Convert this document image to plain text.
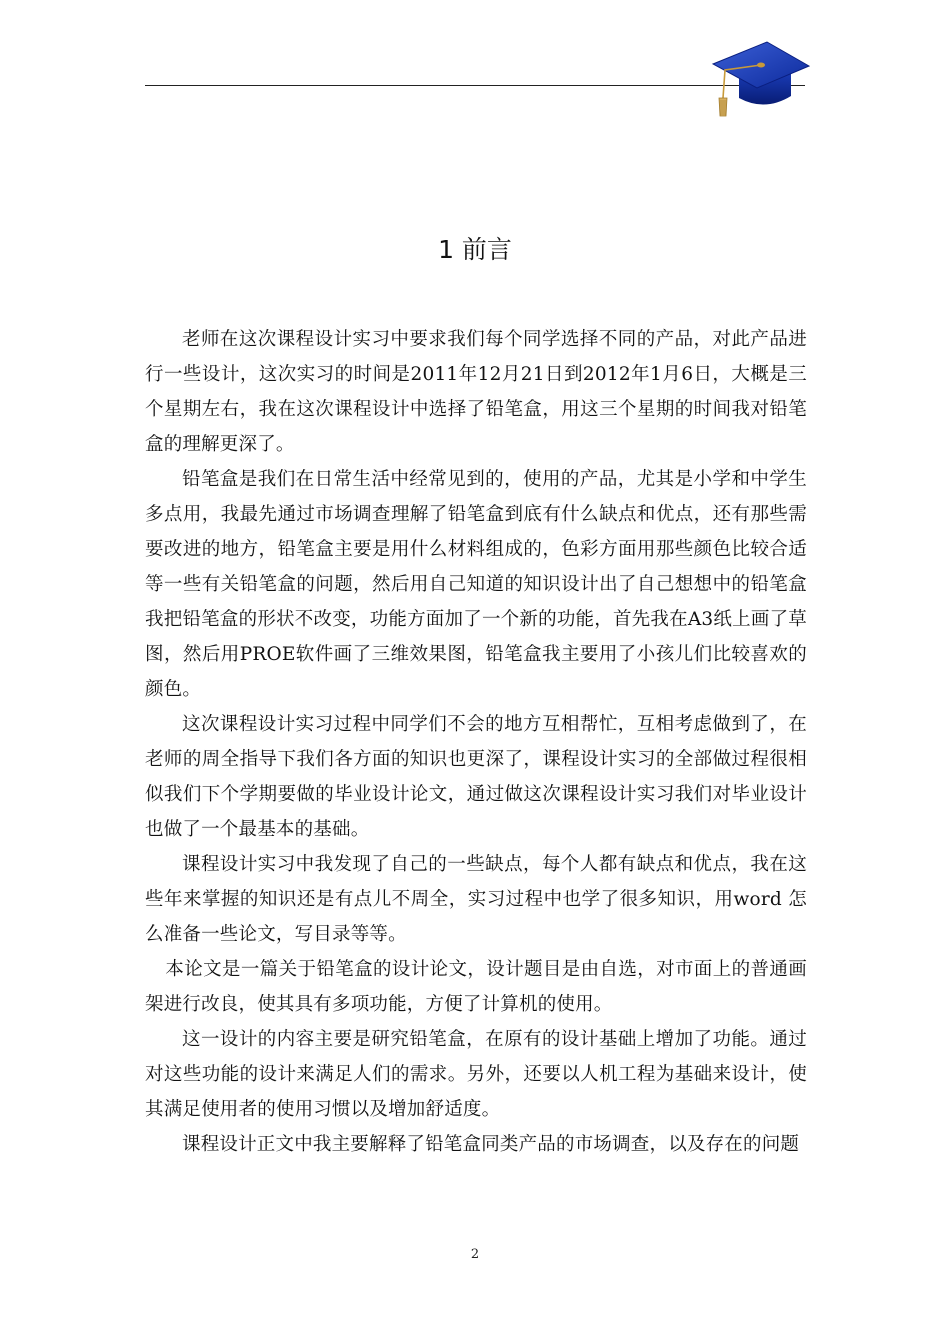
1 前言

老师在这次课程设计实习中要求我们每个同学选择不同的产品，对此产品进行一些设计，这次实习的时间是2011年12月21日到2012年1月6日，大概是三个星期左右，我在这次课程设计中选择了铅笔盒，用这三个星期的时间我对铅笔盒的理解更深了。

铅笔盒是我们在日常生活中经常见到的，使用的产品，尤其是小学和中学生多点用，我最先通过市场调查理解了铅笔盒到底有什么缺点和优点，还有那些需要改进的地方，铅笔盒主要是用什么材料组成的，色彩方面用那些颜色比较合适等一些有关铅笔盒的问题，然后用自己知道的知识设计出了自己想想中的铅笔盒我把铅笔盒的形状不改变，功能方面加了一个新的功能，首先我在A3纸上画了草图，然后用PROE软件画了三维效果图，铅笔盒我主要用了小孩儿们比较喜欢的颜色。

这次课程设计实习过程中同学们不会的地方互相帮忙，互相考虑做到了，在老师的周全指导下我们各方面的知识也更深了，课程设计实习的全部做过程很相似我们下个学期要做的毕业设计论文，通过做这次课程设计实习我们对毕业设计也做了一个最基本的基础。

课程设计实习中我发现了自己的一些缺点，每个人都有缺点和优点，我在这些年来掌握的知识还是有点儿不周全，实习过程中也学了很多知识，用word 怎么准备一些论文，写目录等等。

本论文是一篇关于铅笔盒的设计论文，设计题目是由自选，对市面上的普通画架进行改良，使其具有多项功能，方便了计算机的使用。

这一设计的内容主要是研究铅笔盒，在原有的设计基础上增加了功能。通过对这些功能的设计来满足人们的需求。另外，还要以人机工程为基础来设计，使其满足使用者的使用习惯以及增加舒适度。

课程设计正文中我主要解释了铅笔盒同类产品的市场调查，以及存在的问题

2
